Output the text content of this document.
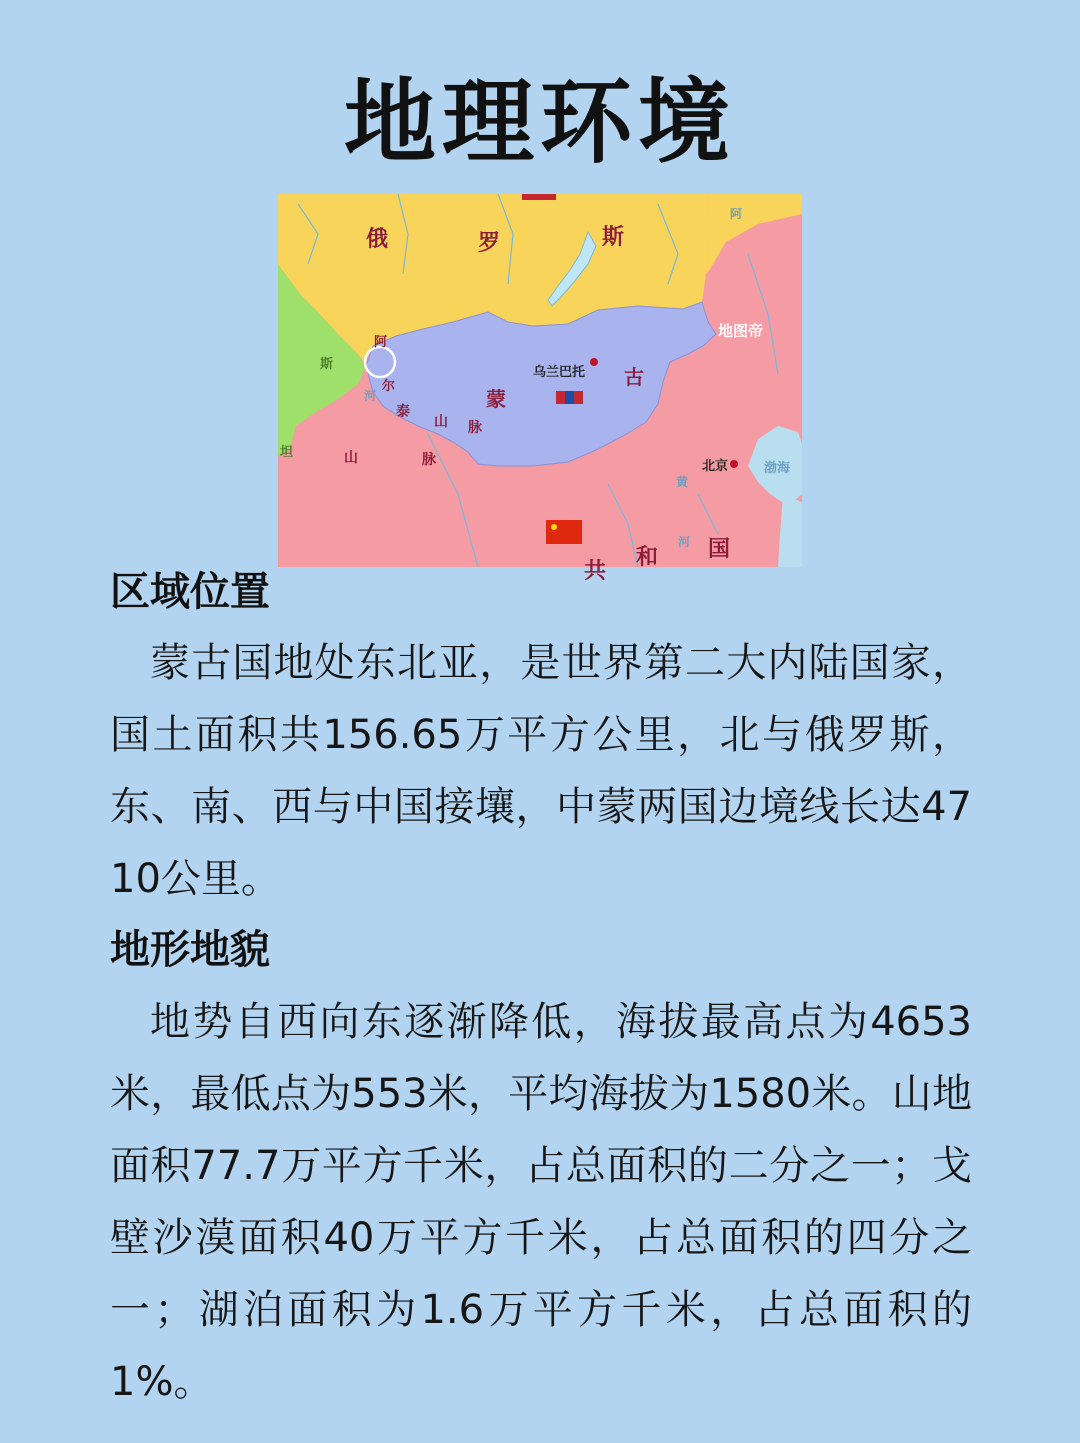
地理环境
俄	罗	斯
蒙
古
乌兰巴托
北京
地图帝
阿
尔
泰
山 脉
山	脉
斯
坦
渤海
和 国
共
河
黄
阿
河
区域位置

蒙古国地处东北亚，是世界第二大内陆国家，国土面积共156.65万平方公里，北与俄罗斯，东、南、西与中国接壤，中蒙两国边境线长达4710公里。

地形地貌

地势自西向东逐渐降低，海拔最高点为4653米，最低点为553米，平均海拔为1580米。山地面积77.7万平方千米，占总面积的二分之一；戈壁沙漠面积40万平方千米，占总面积的四分之一；湖泊面积为1.6万平方千米，占总面积的1%。
